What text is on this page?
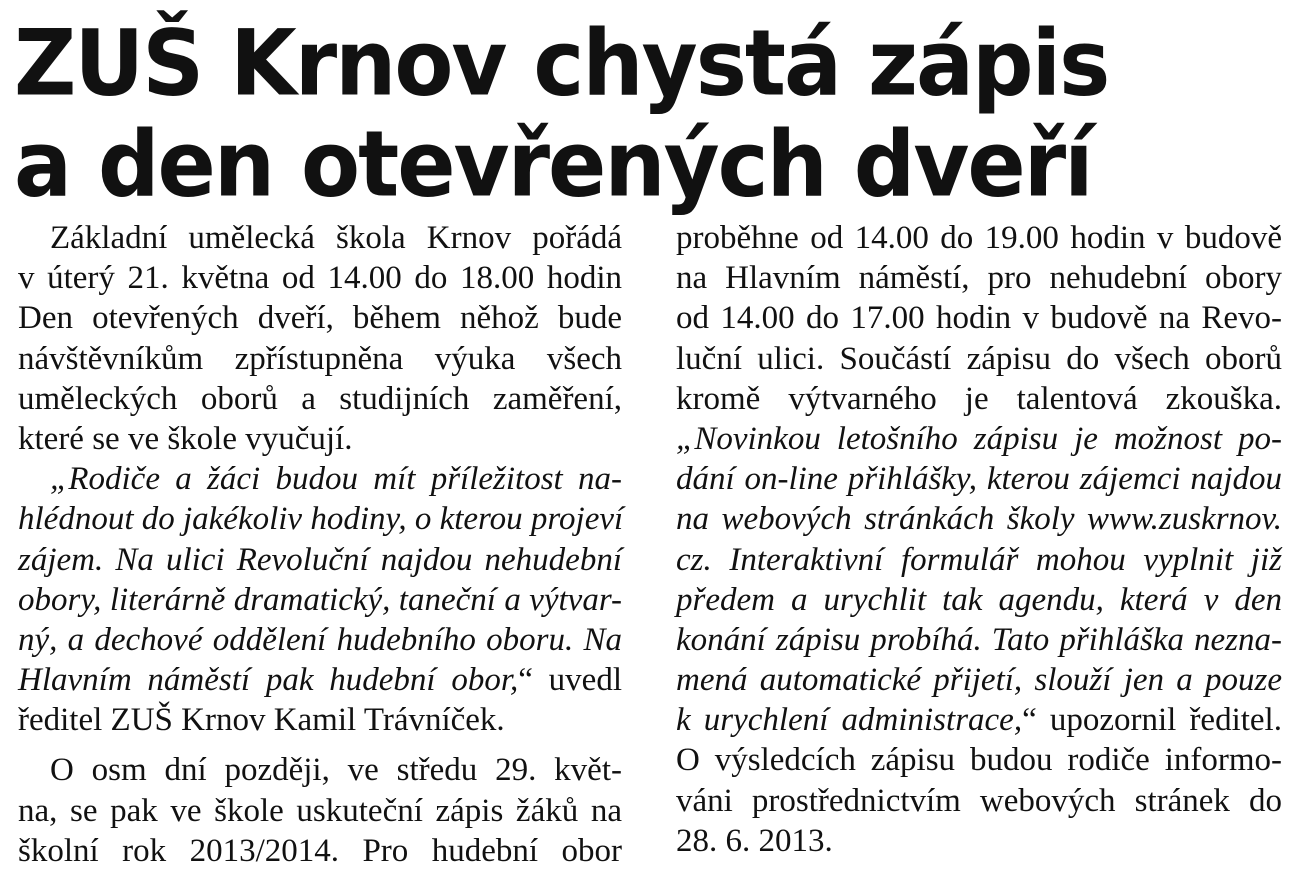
ZUŠ Krnov chystá zápis
a den otevřených dveří
Základní umělecká škola Krnov pořádá
v úterý 21. května od 14.00 do 18.00 hodin
Den otevřených dveří, během něhož bude
návštěvníkům zpřístupněna výuka všech
uměleckých oborů a studijních zaměření,
které se ve škole vyučují.
„Rodiče a žáci budou mít příležitost na-
hlédnout do jakékoliv hodiny, o kterou projeví
zájem. Na ulici Revoluční najdou nehudební
obory, literárně dramatický, taneční a výtvar-
ný, a dechové oddělení hudebního oboru. Na
Hlavním náměstí pak hudební obor,“ uvedl
ředitel ZUŠ Krnov Kamil Trávníček.
O osm dní později, ve středu 29. květ-
na, se pak ve škole uskuteční zápis žáků na
školní rok 2013/2014. Pro hudební obor
proběhne od 14.00 do 19.00 hodin v budově
na Hlavním náměstí, pro nehudební obory
od 14.00 do 17.00 hodin v budově na Revo-
luční ulici. Součástí zápisu do všech oborů
kromě výtvarného je talentová zkouška.
„Novinkou letošního zápisu je možnost po-
dání on-line přihlášky, kterou zájemci najdou
na webových stránkách školy www.zuskrnov.
cz. Interaktivní formulář mohou vyplnit již
předem a urychlit tak agendu, která v den
konání zápisu probíhá. Tato přihláška nezna-
mená automatické přijetí, slouží jen a pouze
k urychlení administrace,“ upozornil ředitel.
O výsledcích zápisu budou rodiče informo-
váni prostřednictvím webových stránek do
28. 6. 2013.
